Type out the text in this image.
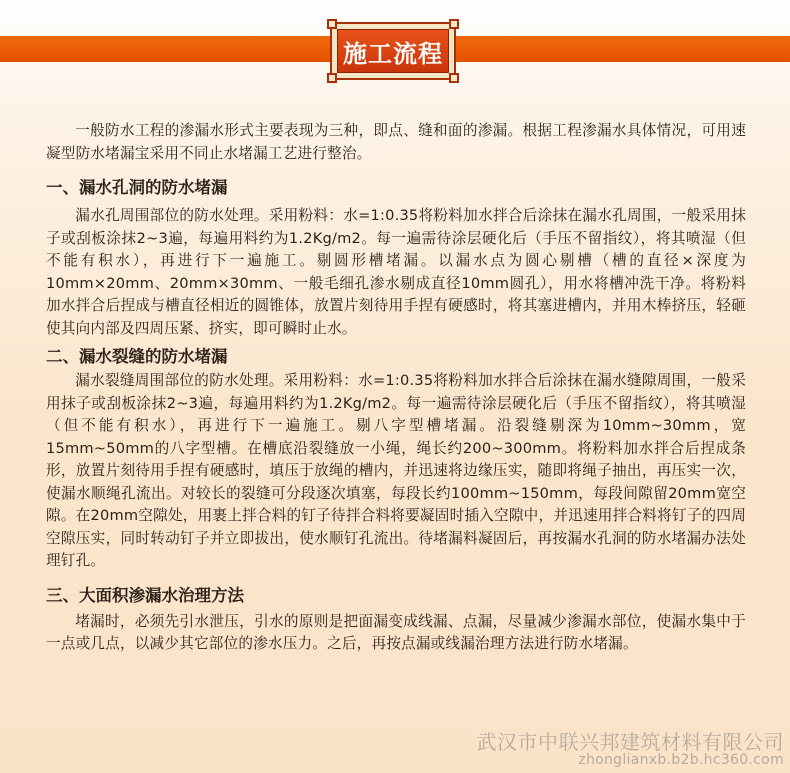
施工流程

一般防水工程的渗漏水形式主要表现为三种，即点、缝和面的渗漏。根据工程渗漏水具体情况，可用速凝型防水堵漏宝采用不同止水堵漏工艺进行整治。

一、漏水孔洞的防水堵漏

漏水孔周围部位的防水处理。采用粉料：水=1:0.35将粉料加水拌合后涂抹在漏水孔周围，一般采用抹子或刮板涂抹2~3遍，每遍用料约为1.2Kg/m2。每一遍需待涂层硬化后（手压不留指纹），将其喷湿（但不能有积水），再进行下一遍施工。剔圆形槽堵漏。以漏水点为圆心剔槽（槽的直径×深度为10mm×20mm、20mm×30mm、一般毛细孔渗水剔成直径10mm圆孔），用水将槽冲洗干净。将粉料加水拌合后捏成与槽直径相近的圆锥体，放置片刻待用手捏有硬感时，将其塞进槽内，并用木棒挤压，轻砸使其向内部及四周压紧、挤实，即可瞬时止水。

二、漏水裂缝的防水堵漏

漏水裂缝周围部位的防水处理。采用粉料：水=1:0.35将粉料加水拌合后涂抹在漏水缝隙周围，一般采用抹子或刮板涂抹2~3遍，每遍用料约为1.2Kg/m2。每一遍需待涂层硬化后（手压不留指纹），将其喷湿（但不能有积水），再进行下一遍施工。剔八字型槽堵漏。沿裂缝剔深为10mm~30mm，宽15mm~50mm的八字型槽。在槽底沿裂缝放一小绳，绳长约200~300mm。将粉料加水拌合后捏成条形，放置片刻待用手捏有硬感时，填压于放绳的槽内，并迅速将边缘压实，随即将绳子抽出，再压实一次，使漏水顺绳孔流出。对较长的裂缝可分段逐次填塞，每段长约100mm~150mm，每段间隙留20mm宽空隙。在20mm空隙处，用裹上拌合料的钉子待拌合料将要凝固时插入空隙中，并迅速用拌合料将钉子的四周空隙压实，同时转动钉子并立即拔出，使水顺钉孔流出。待堵漏料凝固后，再按漏水孔洞的防水堵漏办法处理钉孔。

三、大面积渗漏水治理方法

堵漏时，必须先引水泄压，引水的原则是把面漏变成线漏、点漏，尽量减少渗漏水部位，使漏水集中于一点或几点，以减少其它部位的渗水压力。之后，再按点漏或线漏治理方法进行防水堵漏。

武汉市中联兴邦建筑材料有限公司
zhonglianxb.b2b.hc360.com
